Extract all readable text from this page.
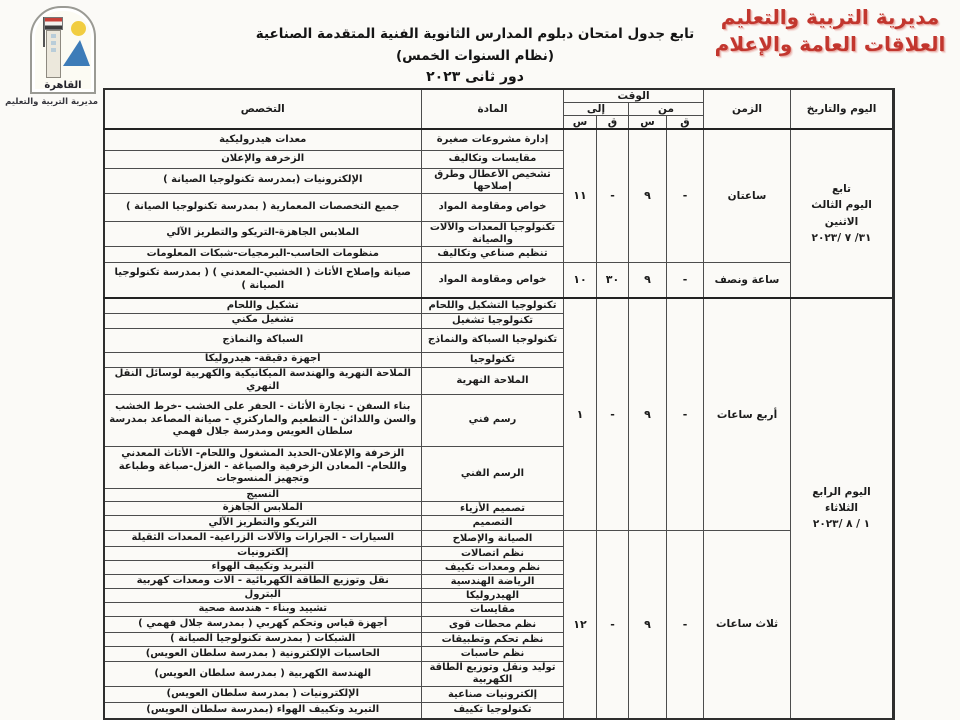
مديرية التربية والتعليم
العلاقات العامة والإعلام
القاهرة
مديرية التربية والتعليم
تابع جدول امتحان دبلوم المدارس الثانوية الفنية المتقدمة الصناعية (نظام السنوات الخمس)
دور ثانى ٢٠٢٣
اليوم والتاريخ	الزمن	الوقت				المادة	التخصص
		من		إلى			
		ق	س	ق	س		

تابع
اليوم الثالث
الاثنين
٣١/ ٧ /٢٠٢٣	ساعتان	-	٩	-	١١	إدارة مشروعات صغيرة	معدات هيدروليكية
						مقايسات وتكاليف	الزخرفة والإعلان
						تشخيص الأعطال وطرق إصلاحها	الإلكترونيات (بمدرسة تكنولوجيا الصيانة )
						خواص ومقاومة المواد	جميع التخصصات المعمارية ( بمدرسة تكنولوجيا الصيانة )
						تكنولوجيا المعدات والآلات والصيانة	الملابس الجاهزة-التريكو والتطريز الآلي
						تنظيم صناعي وتكاليف	منظومات الحاسب-البرمجيات-شبكات المعلومات
	ساعة ونصف	-	٩	٣٠	١٠	خواص ومقاومة المواد	صيانة وإصلاح الأثاث ( الخشبي-المعدني ) ( بمدرسة تكنولوجيا الصيانة )

اليوم الرابع
الثلاثاء
١ / ٨ /٢٠٢٣	أربع ساعات	-	٩	-	١	تكنولوجيا التشكيل واللحام	تشكيل واللحام
						تكنولوجيا تشغيل	تشغيل مكني
						تكنولوجيا السباكة والنماذج	السباكة والنماذج
						تكنولوجيا	أجهزة دقيقة- هيدروليكا
						الملاحة النهرية	الملاحة النهرية والهندسة الميكانيكية والكهربية لوسائل النقل النهري
						رسم فني	بناء السفن - نجارة الأثاث - الحفر على الخشب -خرط الخشب والسن واللدائن - التطعيم والماركتري - صيانة المصاعد بمدرسة سلطان العويس ومدرسة جلال فهمي
						الرسم الفني	الزخرفة والإعلان-الحديد المشغول واللحام- الأثاث المعدني واللحام- المعادن الزخرفية والصياغة - الغزل-صباغة وطباعة وتجهيز المنسوجات
							النسيج
						تصميم الأزياء	الملابس الجاهزة
						التصميم	التريكو والتطريز الآلي
	ثلاث ساعات	-	٩	-	١٢	الصيانة والإصلاح	السيارات - الجرارات والآلات الزراعية- المعدات الثقيلة
						نظم اتصالات	إلكترونيات
						نظم ومعدات تكييف	التبريد وتكييف الهواء
						الرياضة الهندسية	نقل وتوزيع الطاقة الكهربائية - آلات ومعدات كهربية
						الهيدروليكا	البترول
						مقايسات	تشييد وبناء - هندسة صحية
						نظم محطات قوى	أجهزة قياس وتحكم كهربي ( بمدرسة جلال فهمي )
						نظم تحكم وتطبيقات	الشبكات ( بمدرسة تكنولوجيا الصيانة )
						نظم حاسبات	الحاسبات الإلكترونية ( بمدرسة سلطان العويس)
						توليد ونقل وتوزيع الطاقة الكهربية	الهندسة الكهربية ( بمدرسة سلطان العويس)
						إلكترونيات صناعية	الإلكترونيات ( بمدرسة سلطان العويس)
						تكنولوجيا تكييف	التبريد وتكييف الهواء (بمدرسة سلطان العويس)
